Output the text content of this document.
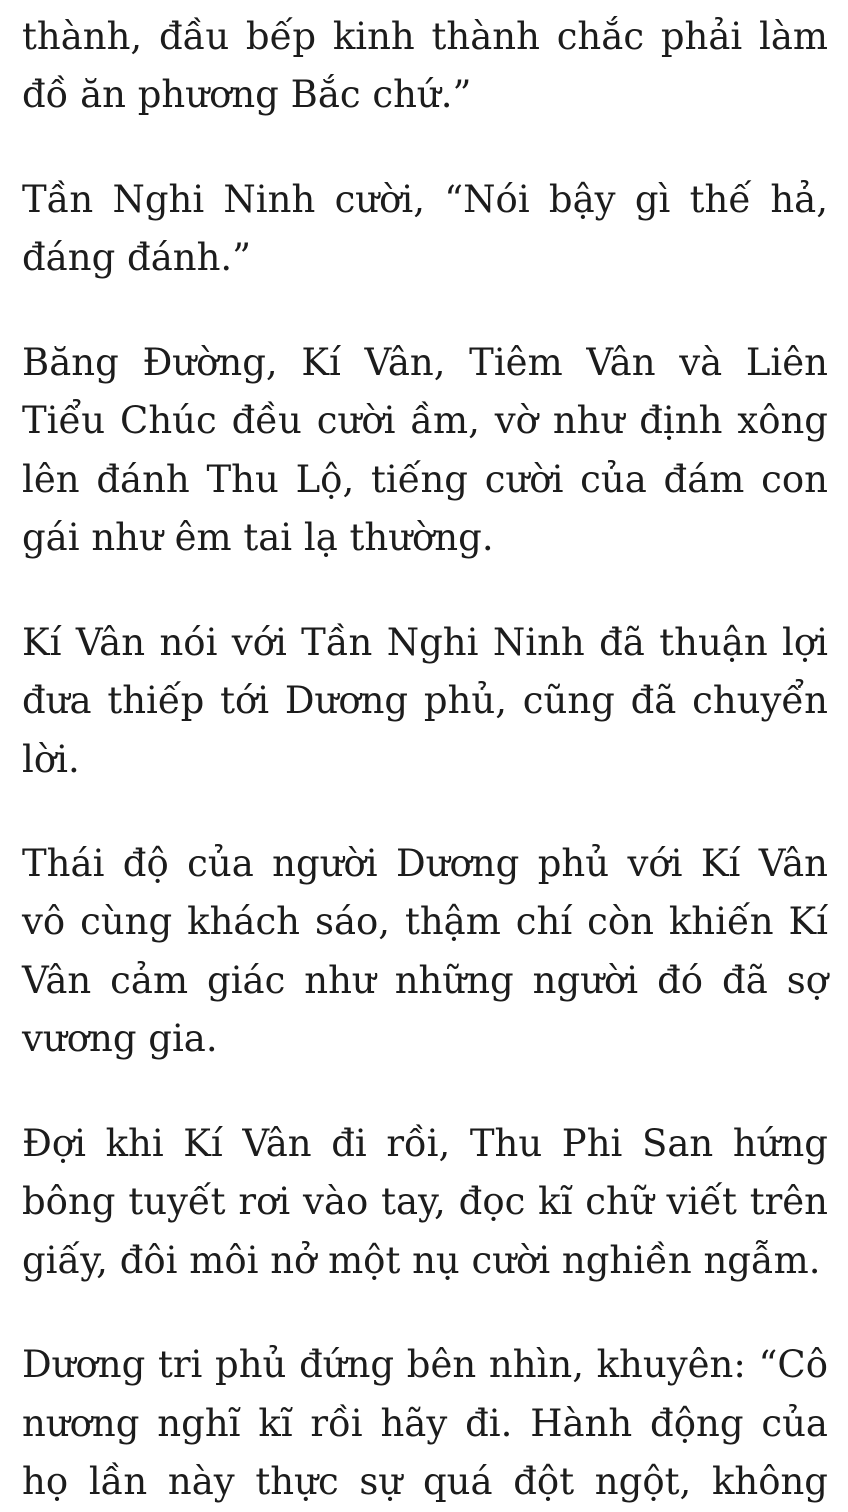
thành, đầu bếp kinh thành chắc phải làm đồ ăn phương Bắc chứ.”

Tần Nghi Ninh cười, “Nói bậy gì thế hả, đáng đánh.”

Băng Đường, Kí Vân, Tiêm Vân và Liên Tiểu Chúc đều cười ầm, vờ như định xông lên đánh Thu Lộ, tiếng cười của đám con gái như êm tai lạ thường.

Kí Vân nói với Tần Nghi Ninh đã thuận lợi đưa thiếp tới Dương phủ, cũng đã chuyển lời.

Thái độ của người Dương phủ với Kí Vân vô cùng khách sáo, thậm chí còn khiến Kí Vân cảm giác như những người đó đã sợ vương gia.

Đợi khi Kí Vân đi rồi, Thu Phi San hứng bông tuyết rơi vào tay, đọc kĩ chữ viết trên giấy, đôi môi nở một nụ cười nghiền ngẫm.

Dương tri phủ đứng bên nhìn, khuyên: “Cô nương nghĩ kĩ rồi hãy đi. Hành động của họ lần này thực sự quá đột ngột, không
